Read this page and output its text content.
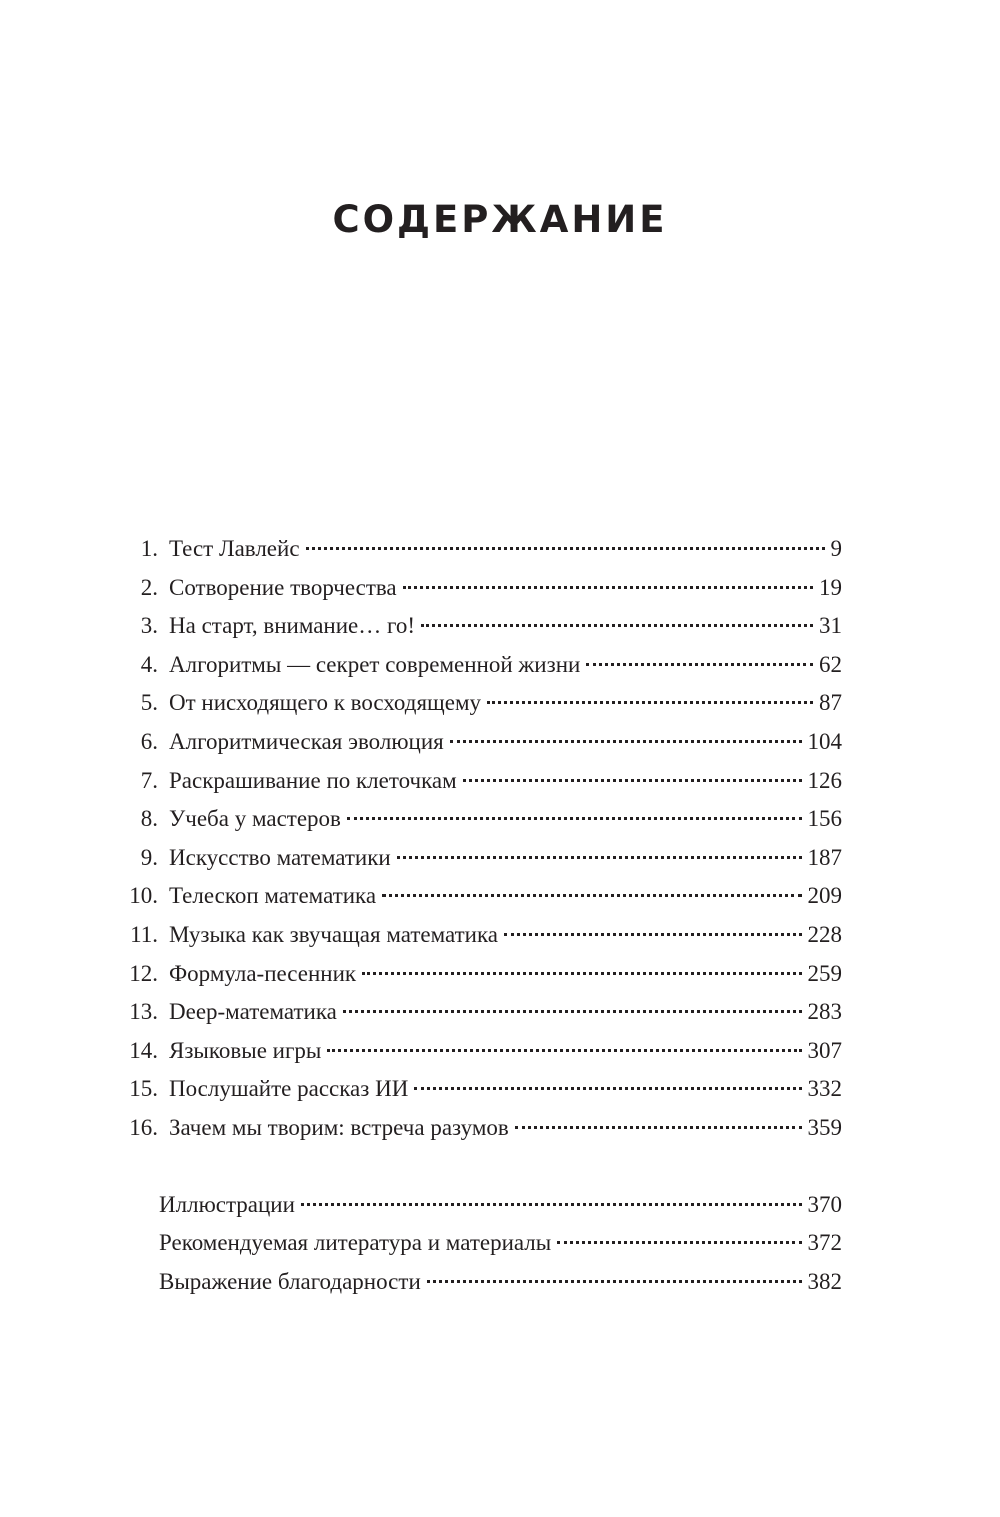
СОДЕРЖАНИЕ
1. Тест Лавлейс	9
2. Сотворение творчества	19
3. На старт, внимание… го!	31
4. Алгоритмы — секрет современной жизни	62
5. От нисходящего к восходящему	87
6. Алгоритмическая эволюция	104
7. Раскрашивание по клеточкам	126
8. Учеба у мастеров	156
9. Искусство математики	187
10. Телескоп математика	209
11. Музыка как звучащая математика	228
12. Формула-песенник	259
13. Deep-математика	283
14. Языковые игры	307
15. Послушайте рассказ ИИ	332
16. Зачем мы творим: встреча разумов	359
Иллюстрации	370
Рекомендуемая литература и материалы	372
Выражение благодарности	382
